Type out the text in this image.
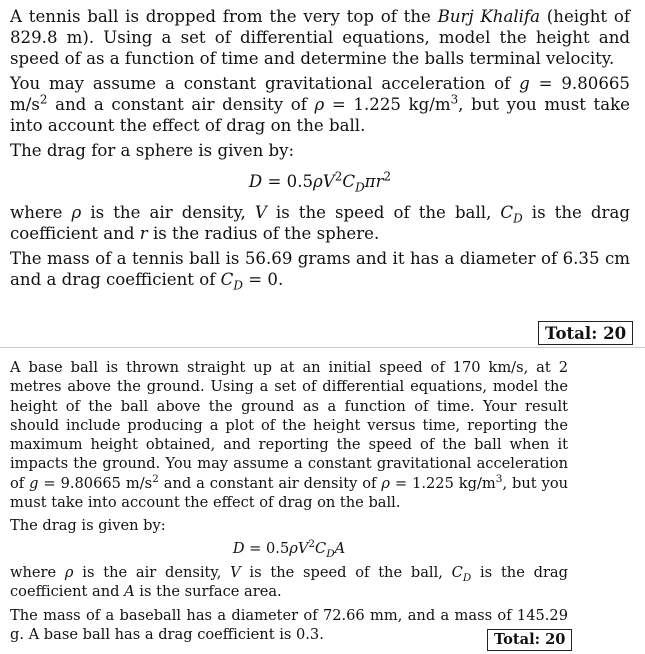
A tennis ball is dropped from the very top of the Burj Khalifa (height of 829.8 m). Using a set of differential equations, model the height and speed of as a function of time and determine the balls terminal velocity.

You may assume a constant gravitational acceleration of g = 9.80665 $m/s^2$ and a constant air density of ρ = 1.225 $kg/m^3$, but you must take into account the effect of drag on the ball.

The drag for a sphere is given by:

$D = 0.5\rho V^2C_D\pi r^2$

where ρ is the air density, V is the speed of the ball, $C_D$ is the drag coefficient and r is the radius of the sphere.

The mass of a tennis ball is 56.69 grams and it has a diameter of 6.35 cm and a drag coefficient of $C_D = 0$.

Total: 20

A base ball is thrown straight up at an initial speed of 170 km/s, at 2 metres above the ground. Using a set of differential equations, model the height of the ball above the ground as a function of time. Your result should include producing a plot of the height versus time, reporting the maximum height obtained, and reporting the speed of the ball when it impacts the ground. You may assume a constant gravitational acceleration of g = 9.80665 $m/s^2$ and a constant air density of ρ = 1.225 $kg/m^3$, but you must take into account the effect of drag on the ball.

The drag is given by:

$D = 0.5\rho V^2C_DA$

where ρ is the air density, V is the speed of the ball, $C_D$ is the drag coefficient and A is the surface area.

The mass of a baseball has a diameter of 72.66 mm, and a mass of 145.29 g. A base ball has a drag coefficient is 0.3.	Total: 20
